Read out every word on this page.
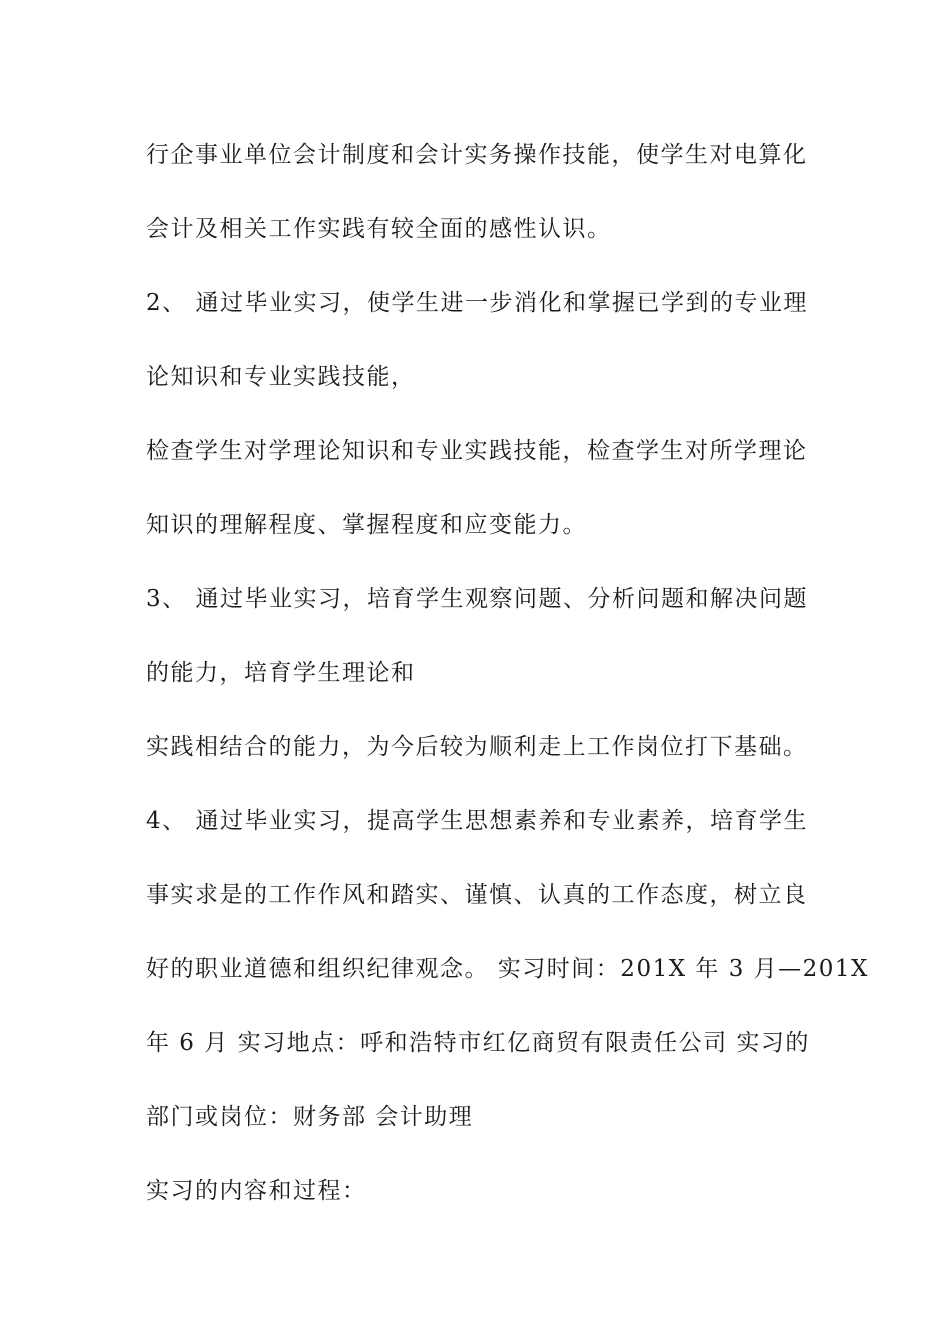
行企事业单位会计制度和会计实务操作技能，使学生对电算化
会计及相关工作实践有较全面的感性认识。
2、 通过毕业实习，使学生进一步消化和掌握已学到的专业理
论知识和专业实践技能，
检查学生对学理论知识和专业实践技能，检查学生对所学理论
知识的理解程度、掌握程度和应变能力。
3、 通过毕业实习，培育学生观察问题、分析问题和解决问题
的能力，培育学生理论和
实践相结合的能力，为今后较为顺利走上工作岗位打下基础。
4、 通过毕业实习，提高学生思想素养和专业素养，培育学生
事实求是的工作作风和踏实、谨慎、认真的工作态度，树立良
好的职业道德和组织纪律观念。 实习时间：201X 年 3 月—201X
年 6 月 实习地点：呼和浩特市红亿商贸有限责任公司 实习的
部门或岗位：财务部 会计助理
实习的内容和过程：
